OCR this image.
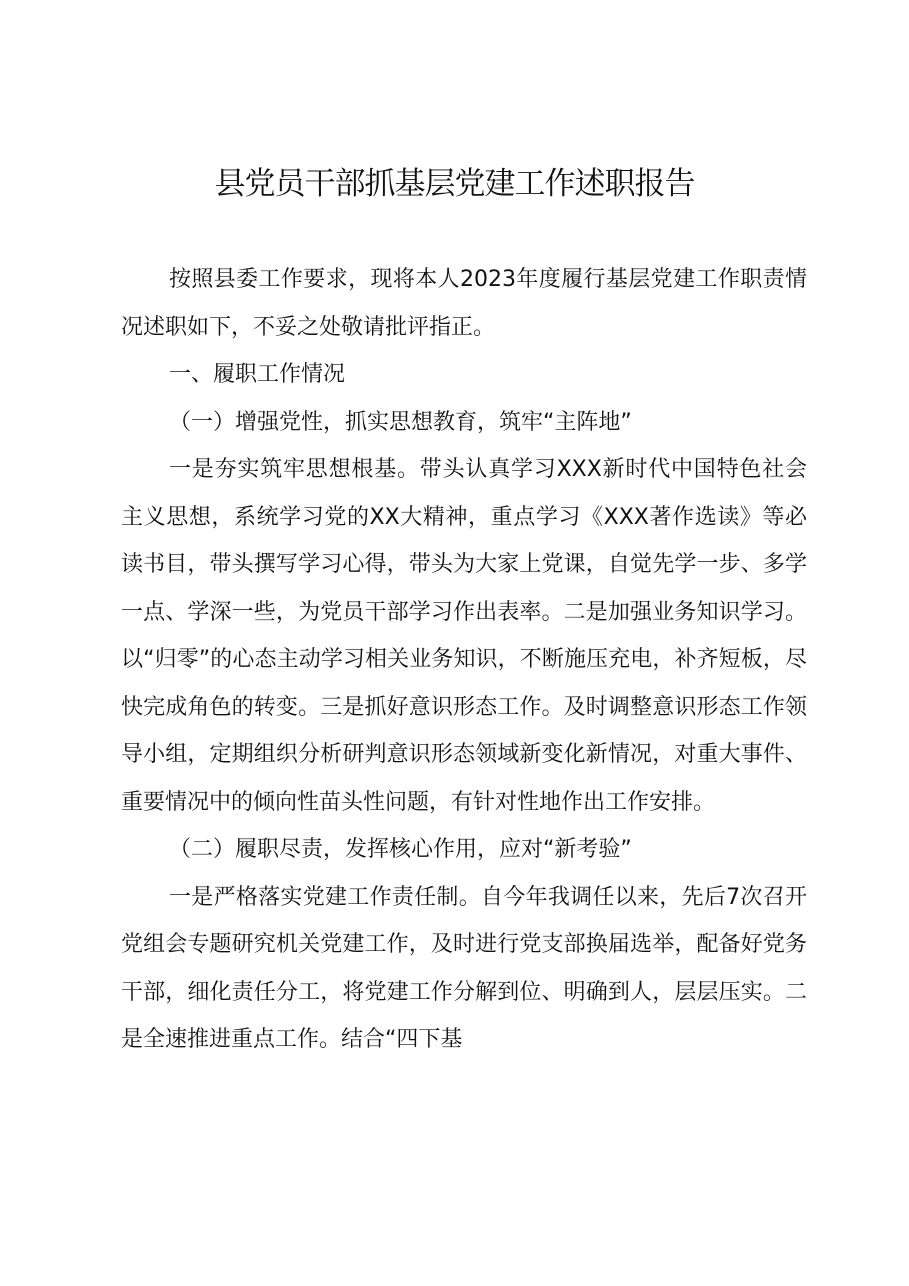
县党员干部抓基层党建工作述职报告

按照县委工作要求，现将本人2023年度履行基层党建工作职责情况述职如下，不妥之处敬请批评指正。

一、履职工作情况

（一）增强党性，抓实思想教育，筑牢“主阵地”

一是夯实筑牢思想根基。带头认真学习XXX新时代中国特色社会主义思想，系统学习党的XX大精神，重点学习《XXX著作选读》等必读书目，带头撰写学习心得，带头为大家上党课，自觉先学一步、多学一点、学深一些，为党员干部学习作出表率。二是加强业务知识学习。以“归零”的心态主动学习相关业务知识，不断施压充电，补齐短板，尽快完成角色的转变。三是抓好意识形态工作。及时调整意识形态工作领导小组，定期组织分析研判意识形态领域新变化新情况，对重大事件、重要情况中的倾向性苗头性问题，有针对性地作出工作安排。

（二）履职尽责，发挥核心作用，应对“新考验”

一是严格落实党建工作责任制。自今年我调任以来，先后7次召开党组会专题研究机关党建工作，及时进行党支部换届选举，配备好党务干部，细化责任分工，将党建工作分解到位、明确到人，层层压实。二是全速推进重点工作。结合“四下基
